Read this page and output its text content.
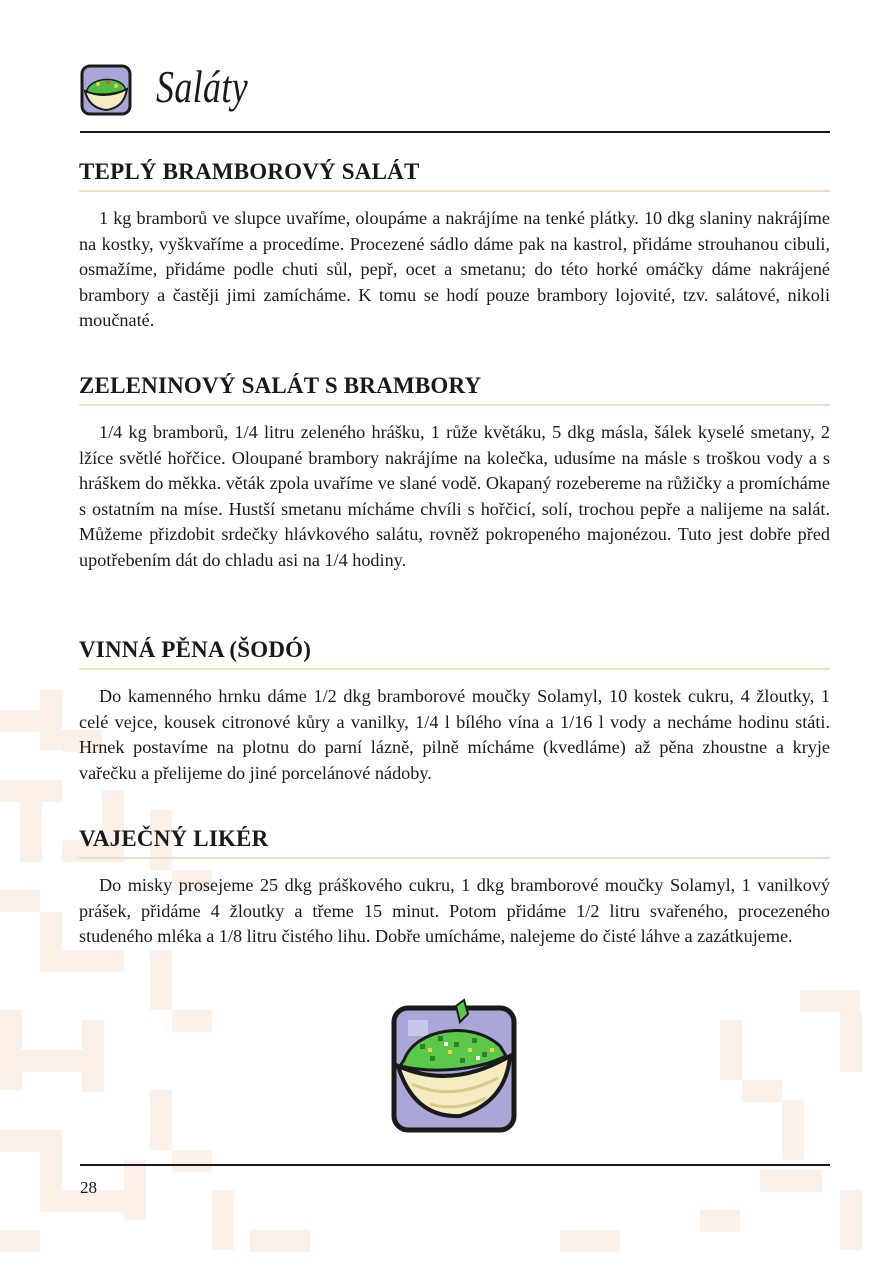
Saláty
TEPLÝ BRAMBOROVÝ SALÁT

1 kg bramborů ve slupce uvaříme, oloupáme a nakrájíme na tenké plátky. 10 dkg slaniny nakrájíme na kostky, vyškvaříme a procedíme. Procezené sádlo dáme pak na kastrol, přidáme strouhanou cibuli, osmažíme, přidáme podle chuti sůl, pepř, ocet a smetanu; do této horké omáčky dáme nakrájené brambory a častěji jimi zamícháme. K tomu se hodí pouze brambory lojovité, tzv. salátové, nikoli moučnaté.

ZELENINOVÝ SALÁT S BRAMBORY

1/4 kg bramborů, 1/4 litru zeleného hrášku, 1 růže květáku, 5 dkg másla, šálek kyselé smetany, 2 lžíce světlé hořčice. Oloupané brambory nakrájíme na kolečka, udusíme na másle s troškou vody a s hráškem do měkka. věták zpola uvaříme ve slané vodě. Okapaný rozebereme na růžičky a promícháme s ostatním na míse. Hustší smetanu mícháme chvíli s hořčicí, solí, trochou pepře a nalijeme na salát. Můžeme přizdobit srdečky hlávkového salátu, rovněž pokropeného majonézou. Tuto jest dobře před upotřebením dát do chladu asi na 1/4 hodiny.

VINNÁ PĚNA (ŠODÓ)

Do kamenného hrnku dáme 1/2 dkg bramborové moučky Solamyl, 10 kostek cukru, 4 žloutky, 1 celé vejce, kousek citronové kůry a vanilky, 1/4 l bílého vína a 1/16 l vody a necháme hodinu státi. Hrnek postavíme na plotnu do parní lázně, pilně mícháme (kvedláme) až pěna zhoustne a kryje vařečku a přelijeme do jiné porcelánové nádoby.

VAJEČNÝ LIKÉR

Do misky prosejeme 25 dkg práškového cukru, 1 dkg bramborové moučky Solamyl, 1 vanilkový prášek, přidáme 4 žloutky a třeme 15 minut. Potom přidáme 1/2 litru svařeného, procezeného studeného mléka a 1/8 litru čistého lihu. Dobře umícháme, nalejeme do čisté láhve a zazátkujeme.

28
